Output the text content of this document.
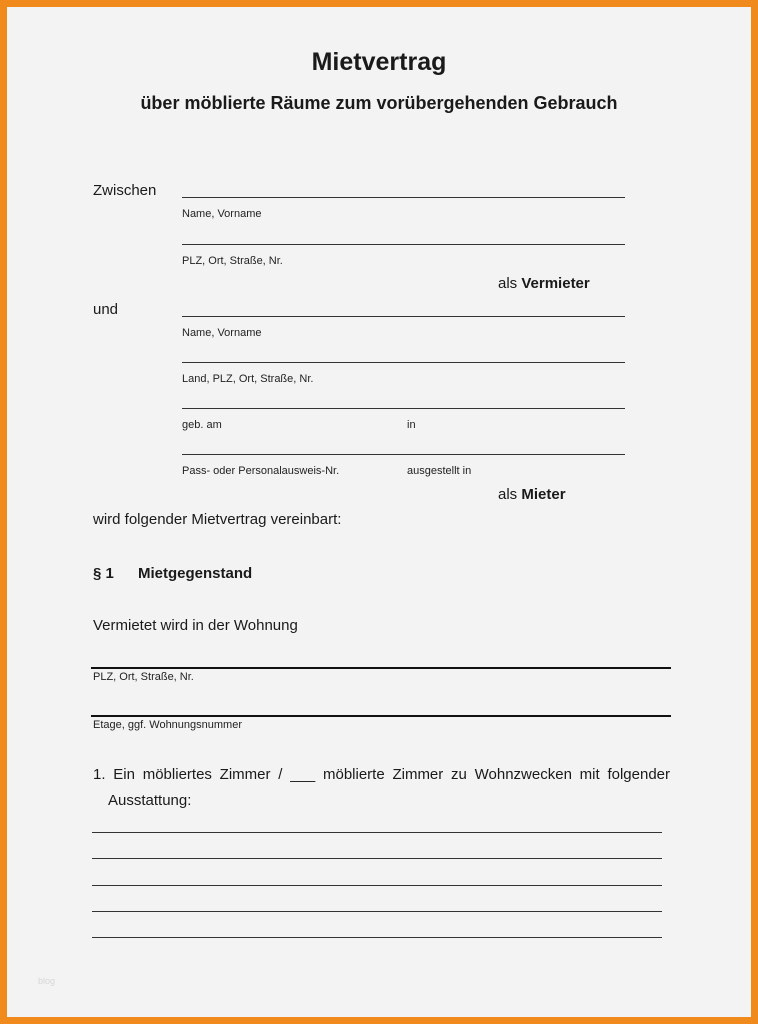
Mietvertrag
über möblierte Räume zum vorübergehenden Gebrauch
Zwischen
Name, Vorname
PLZ, Ort, Straße, Nr.
als Vermieter
und
Name, Vorname
Land, PLZ, Ort, Straße, Nr.
geb. am	in
Pass- oder Personalausweis-Nr.	ausgestellt in
als Mieter
wird folgender Mietvertrag vereinbart:
§ 1 Mietgegenstand
Vermietet wird in der Wohnung
PLZ, Ort, Straße, Nr.
Etage, ggf. Wohnungsnummer
1. Ein möbliertes Zimmer / ___ möblierte Zimmer zu Wohnzwecken mit folgender
Ausstattung:
blog
